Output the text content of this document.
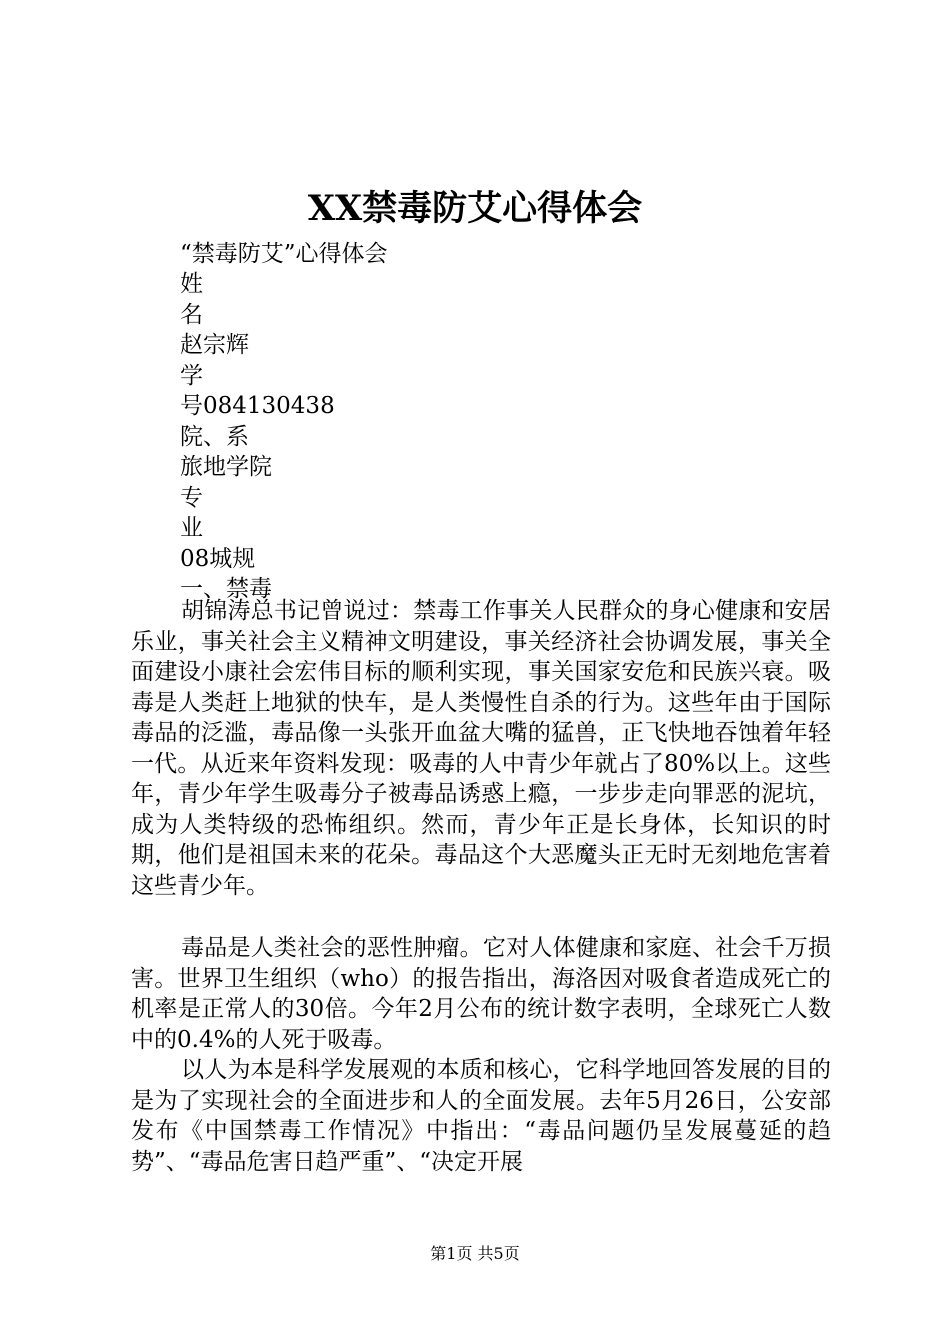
XX禁毒防艾心得体会
“禁毒防艾”心得体会
姓
名
赵宗辉
学
号084130438
院、系
旅地学院
专
业
08城规
一、禁毒

胡锦涛总书记曾说过：禁毒工作事关人民群众的身心健康和安居乐业，事关社会主义精神文明建设，事关经济社会协调发展，事关全面建设小康社会宏伟目标的顺利实现，事关国家安危和民族兴衰。吸毒是人类赶上地狱的快车，是人类慢性自杀的行为。这些年由于国际毒品的泛滥，毒品像一头张开血盆大嘴的猛兽，正飞快地吞蚀着年轻一代。从近来年资料发现：吸毒的人中青少年就占了80%以上。这些年，青少年学生吸毒分子被毒品诱惑上瘾，一步步走向罪恶的泥坑，成为人类特级的恐怖组织。然而，青少年正是长身体，长知识的时期，他们是祖国未来的花朵。毒品这个大恶魔头正无时无刻地危害着这些青少年。

毒品是人类社会的恶性肿瘤。它对人体健康和家庭、社会千万损害。世界卫生组织（who）的报告指出，海洛因对吸食者造成死亡的机率是正常人的30倍。今年2月公布的统计数字表明，全球死亡人数中的0.4%的人死于吸毒。

以人为本是科学发展观的本质和核心，它科学地回答发展的目的是为了实现社会的全面进步和人的全面发展。去年5月26日，公安部发布《中国禁毒工作情况》中指出：“毒品问题仍呈发展蔓延的趋势”、“毒品危害日趋严重”、“决定开展

第1页 共5页
